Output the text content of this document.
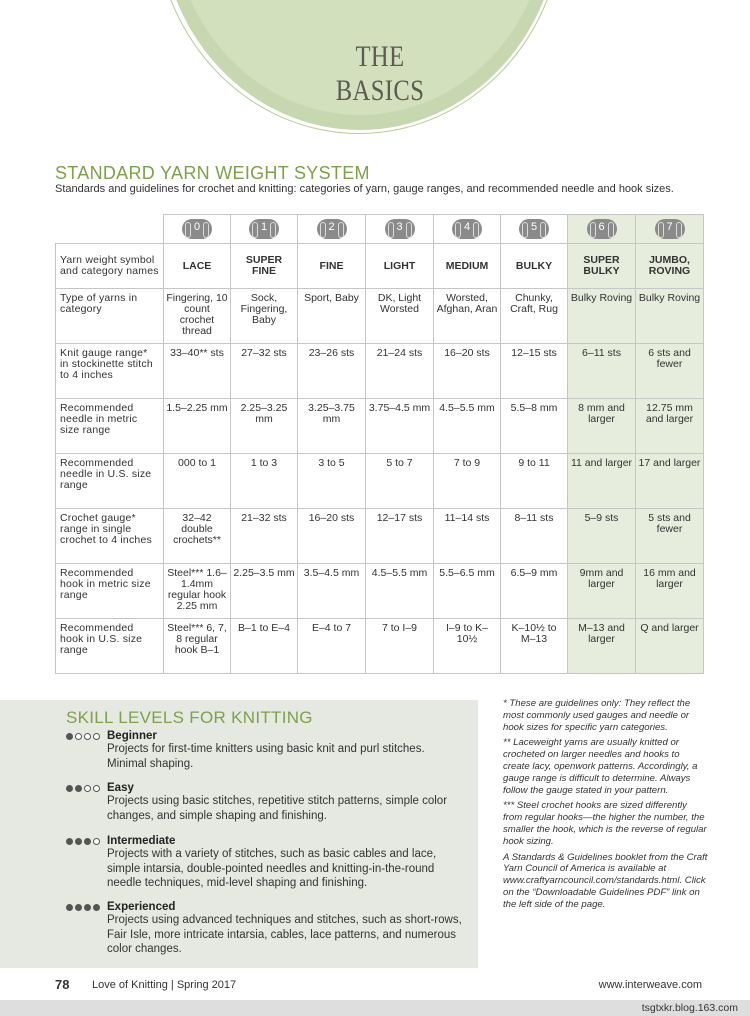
THE BASICS
STANDARD YARN WEIGHT SYSTEM
Standards and guidelines for crochet and knitting: categories of yarn, gauge ranges, and recommended needle and hook sizes.

	0	1	2	3	4	5	6	7

Yarn weight symbol and category names	LACE	SUPER FINE	FINE	LIGHT	MEDIUM	BULKY	SUPER BULKY	JUMBO, ROVING
Type of yarns in category	Fingering, 10 count crochet thread	Sock, Fingering, Baby	Sport, Baby	DK, Light Worsted	Worsted, Afghan, Aran	Chunky, Craft, Rug	Bulky Roving	Bulky Roving
Knit gauge range* in stockinette stitch to 4 inches	33–40** sts	27–32 sts	23–26 sts	21–24 sts	16–20 sts	12–15 sts	6–11 sts	6 sts and fewer
Recommended needle in metric size range	1.5–2.25 mm	2.25–3.25 mm	3.25–3.75 mm	3.75–4.5 mm	4.5–5.5 mm	5.5–8 mm	8 mm and larger	12.75 mm and larger
Recommended needle in U.S. size range	000 to 1	1 to 3	3 to 5	5 to 7	7 to 9	9 to 11	11 and larger	17 and larger
Crochet gauge* range in single crochet to 4 inches	32–42 double crochets**	21–32 sts	16–20 sts	12–17 sts	11–14 sts	8–11 sts	5–9 sts	5 sts and fewer
Recommended hook in metric size range	Steel*** 1.6–1.4mm regular hook 2.25 mm	2.25–3.5 mm	3.5–4.5 mm	4.5–5.5 mm	5.5–6.5 mm	6.5–9 mm	9mm and larger	16 mm and larger
Recommended hook in U.S. size range	Steel*** 6, 7, 8 regular hook B–1	B–1 to E–4	E–4 to 7	7 to I–9	I–9 to K–10½	K–10½ to M–13	M–13 and larger	Q and larger
SKILL LEVELS FOR KNITTING
Beginner
Projects for first-time knitters using basic knit and purl stitches. Minimal shaping.
Easy
Projects using basic stitches, repetitive stitch patterns, simple color changes, and simple shaping and finishing.
Intermediate
Projects with a variety of stitches, such as basic cables and lace, simple intarsia, double-pointed needles and knitting-in-the-round needle techniques, mid-level shaping and finishing.
Experienced
Projects using advanced techniques and stitches, such as short-rows, Fair Isle, more intricate intarsia, cables, lace patterns, and numerous color changes.

* These are guidelines only: They reflect the most commonly used gauges and needle or hook sizes for specific yarn categories.

** Laceweight yarns are usually knitted or crocheted on larger needles and hooks to create lacy, openwork patterns. Accordingly, a gauge range is difficult to determine. Always follow the gauge stated in your pattern.

*** Steel crochet hooks are sized differently from regular hooks—the higher the number, the smaller the hook, which is the reverse of regular hook sizing.

A Standards & Guidelines booklet from the Craft Yarn Council of America is available at www.craftyarncouncil.com/standards.html. Click on the “Downloadable Guidelines PDF” link on the left side of the page.

78 Love of Knitting | Spring 2017	www.interweave.com
tsgtxkr.blog.163.com
